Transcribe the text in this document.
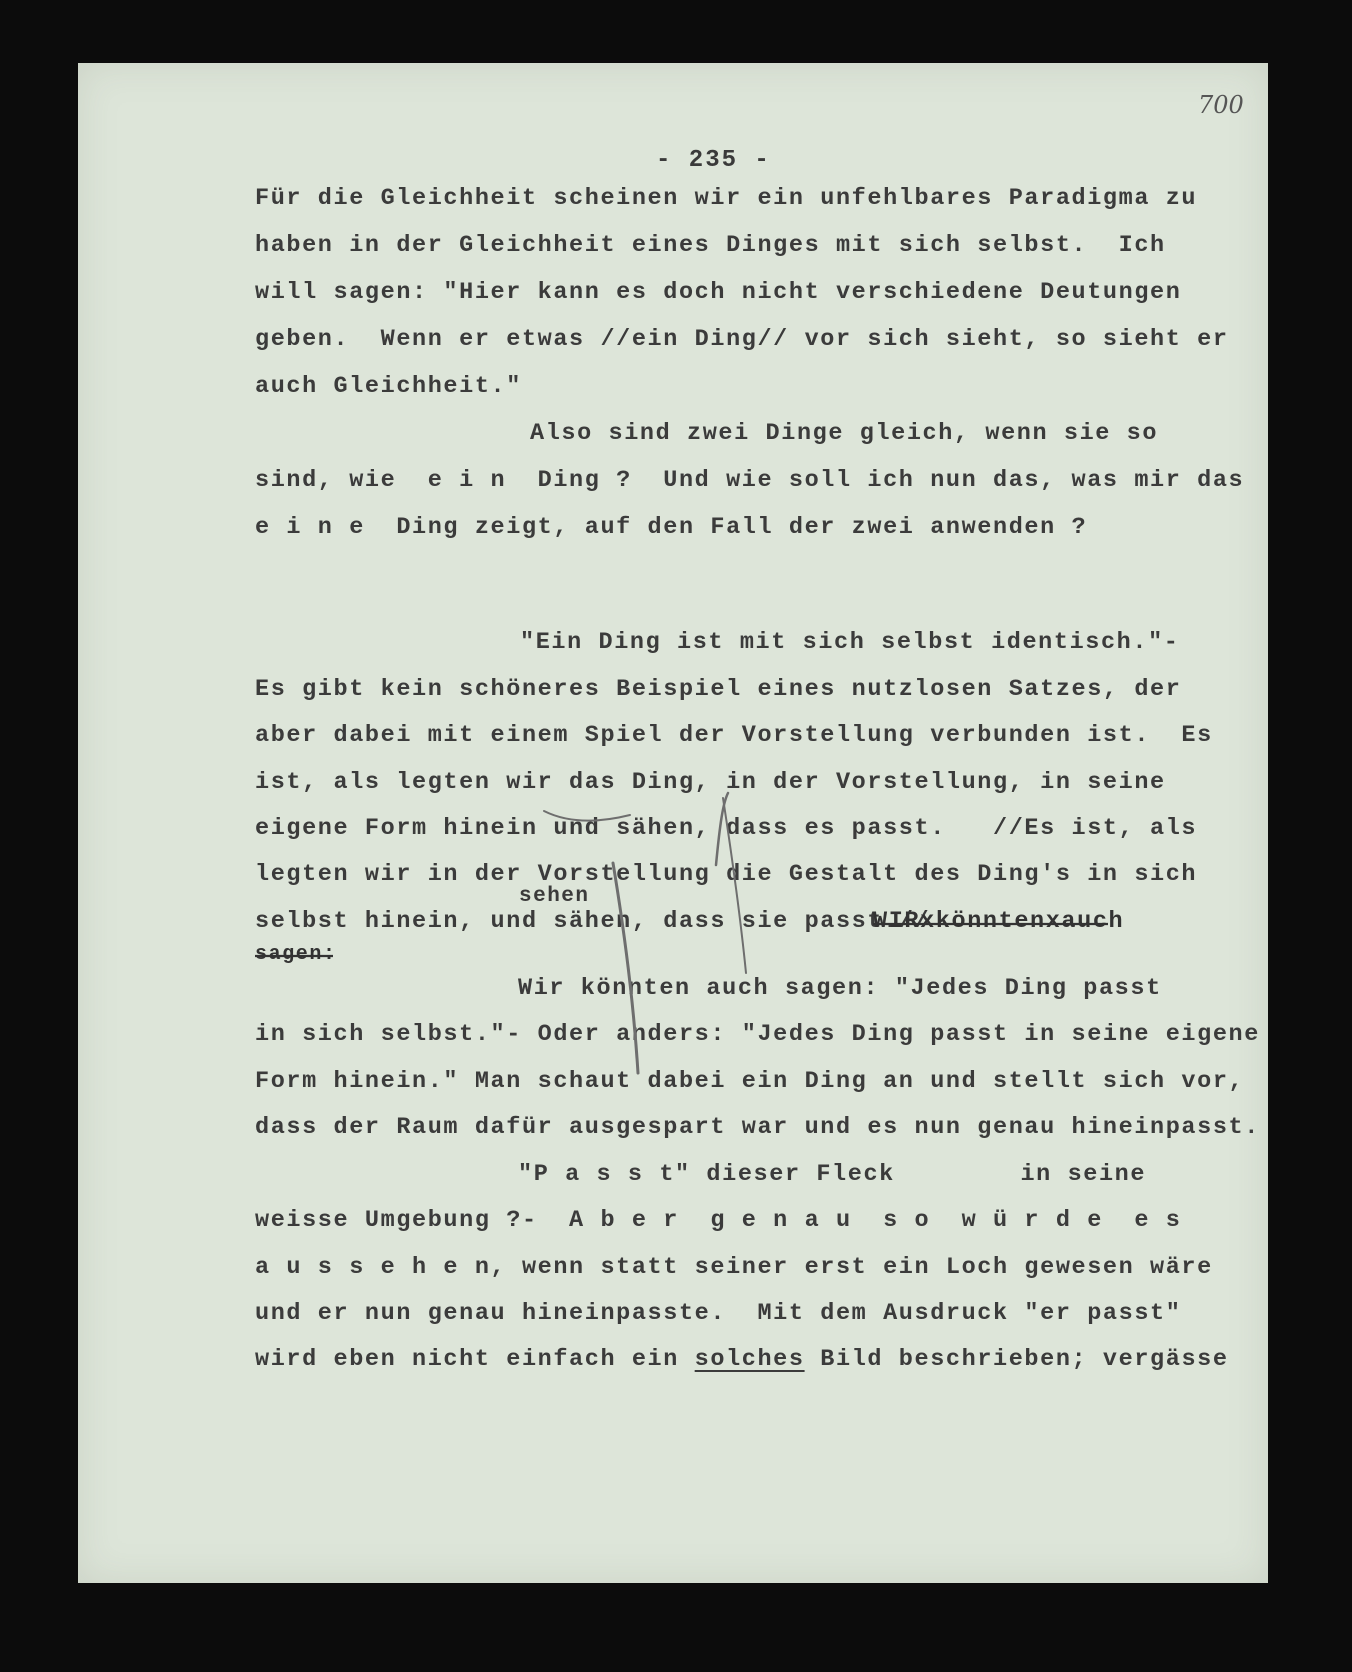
700
- 235 -
Für die Gleichheit scheinen wir ein unfehlbares Paradigma zu
haben in der Gleichheit eines Dinges mit sich selbst.  Ich
will sagen: "Hier kann es doch nicht verschiedene Deutungen
geben.  Wenn er etwas //ein Ding// vor sich sieht, so sieht er
auch Gleichheit."
Also sind zwei Dinge gleich, wenn sie so
sind, wie  e i n  Ding ?  Und wie soll ich nun das, was mir das
e i n e  Ding zeigt, auf den Fall der zwei anwenden ?
"Ein Ding ist mit sich selbst identisch."-
Es gibt kein schöneres Beispiel eines nutzlosen Satzes, der
aber dabei mit einem Spiel der Vorstellung verbunden ist.  Es
ist, als legten wir das Ding, in der Vorstellung, in seine
eigene Form hinein und sähen, dass es passt.   //Es ist, als
legten wir in der Vorstellung die Gestalt des Ding's in sich
sehen
selbst hinein, und sähen, dass sie passt.//
WIRxkönntenxauch
sagen:
Wir könnten auch sagen: "Jedes Ding passt
in sich selbst."- Oder anders: "Jedes Ding passt in seine eigene
Form hinein." Man schaut dabei ein Ding an und stellt sich vor,
dass der Raum dafür ausgespart war und es nun genau hineinpasst.
"P a s s t" dieser Fleck        in seine
weisse Umgebung ?-  A b e r  g e n a u  s o  w ü r d e  e s
a u s s e h e n, wenn statt seiner erst ein Loch gewesen wäre
und er nun genau hineinpasste.  Mit dem Ausdruck "er passt"
wird eben nicht einfach ein solches Bild beschrieben; vergässe
